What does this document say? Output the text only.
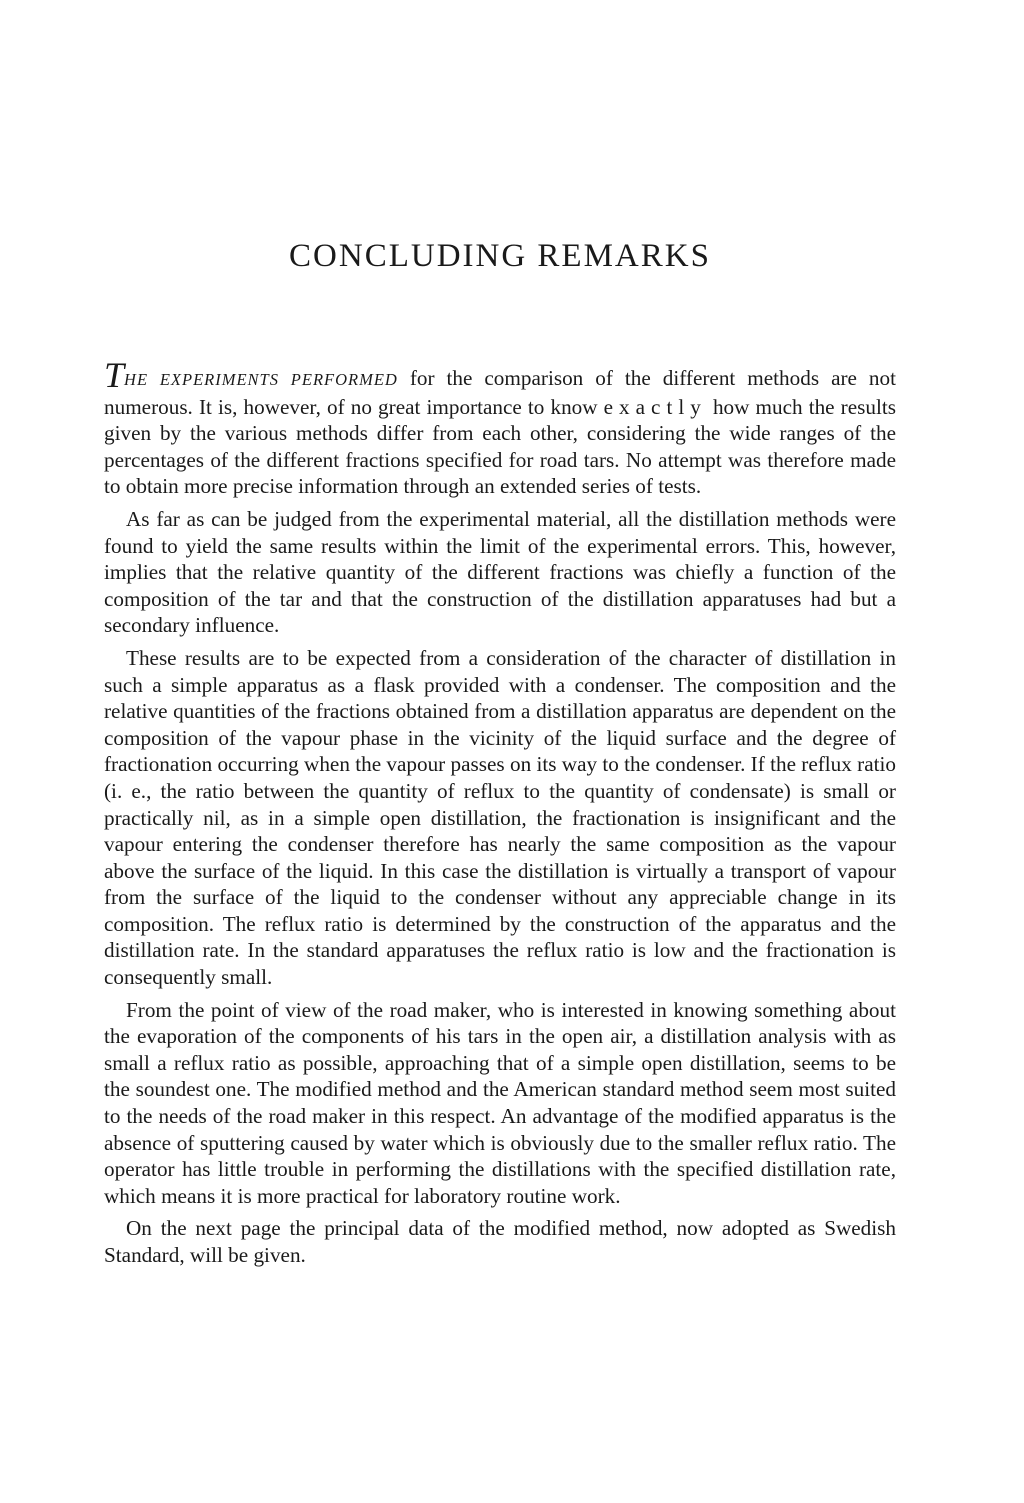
CONCLUDING REMARKS

THE EXPERIMENTS PERFORMED for the comparison of the different methods are not numerous. It is, however, of no great importance to know exactly how much the results given by the various methods differ from each other, considering the wide ranges of the percentages of the different fractions specified for road tars. No attempt was therefore made to obtain more precise information through an extended series of tests.

As far as can be judged from the experimental material, all the distillation methods were found to yield the same results within the limit of the experimental errors. This, however, implies that the relative quantity of the different fractions was chiefly a function of the composition of the tar and that the construction of the distillation apparatuses had but a secondary influence.

These results are to be expected from a consideration of the character of distillation in such a simple apparatus as a flask provided with a condenser. The composition and the relative quantities of the fractions obtained from a distillation apparatus are dependent on the composition of the vapour phase in the vicinity of the liquid surface and the degree of fractionation occurring when the vapour passes on its way to the condenser. If the reflux ratio (i. e., the ratio between the quantity of reflux to the quantity of condensate) is small or practically nil, as in a simple open distillation, the fractionation is insignificant and the vapour entering the condenser therefore has nearly the same composition as the vapour above the surface of the liquid. In this case the distillation is virtually a transport of vapour from the surface of the liquid to the condenser without any appreciable change in its composition. The reflux ratio is determined by the construction of the apparatus and the distillation rate. In the standard apparatuses the reflux ratio is low and the fractionation is consequently small.

From the point of view of the road maker, who is interested in knowing something about the evaporation of the components of his tars in the open air, a distillation analysis with as small a reflux ratio as possible, approaching that of a simple open distillation, seems to be the soundest one. The modified method and the American standard method seem most suited to the needs of the road maker in this respect. An advantage of the modified apparatus is the absence of sputtering caused by water which is obviously due to the smaller reflux ratio. The operator has little trouble in performing the distillations with the specified distillation rate, which means it is more practical for laboratory routine work.

On the next page the principal data of the modified method, now adopted as Swedish Standard, will be given.
